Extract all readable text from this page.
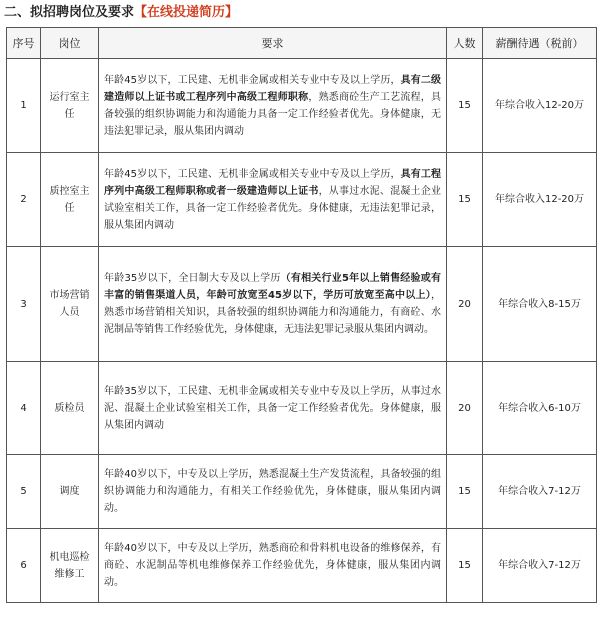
二、拟招聘岗位及要求【在线投递简历】
序号	岗位	要求	人数	薪酬待遇（税前）
1	运行室主任	年龄45岁以下，工民建、无机非金属或相关专业中专及以上学历，具有二级建造师以上证书或工程序列中高级工程师职称，熟悉商砼生产工艺流程，具备较强的组织协调能力和沟通能力具备一定工作经验者优先。身体健康，无违法犯罪记录，服从集团内调动	15	年综合收入12-20万
2	质控室主任	年龄45岁以下，工民建、无机非金属或相关专业中专及以上学历，具有工程序列中高级工程师职称或者一级建造师以上证书，从事过水泥、混凝土企业试验室相关工作，具备一定工作经验者优先。身体健康，无违法犯罪记录，服从集团内调动	15	年综合收入12-20万
3	市场营销人员	年龄35岁以下，全日制大专及以上学历（有相关行业5年以上销售经验或有丰富的销售渠道人员，年龄可放宽至45岁以下，学历可放宽至高中以上），熟悉市场营销相关知识，具备较强的组织协调能力和沟通能力，有商砼、水泥制品等销售工作经验优先，身体健康，无违法犯罪记录服从集团内调动。	20	年综合收入8-15万
4	质检员	年龄35岁以下，工民建、无机非金属或相关专业中专及以上学历，从事过水泥、混凝土企业试验室相关工作，具备一定工作经验者优先。身体健康，服从集团内调动	20	年综合收入6-10万
5	调度	年龄40岁以下，中专及以上学历，熟悉混凝土生产发货流程，具备较强的组织协调能力和沟通能力，有相关工作经验优先，身体健康，服从集团内调动。	15	年综合收入7-12万
6	机电巡检维修工	年龄40岁以下，中专及以上学历，熟悉商砼和骨料机电设备的维修保养，有商砼、水泥制品等机电维修保养工作经验优先，身体健康，服从集团内调动。	15	年综合收入7-12万
